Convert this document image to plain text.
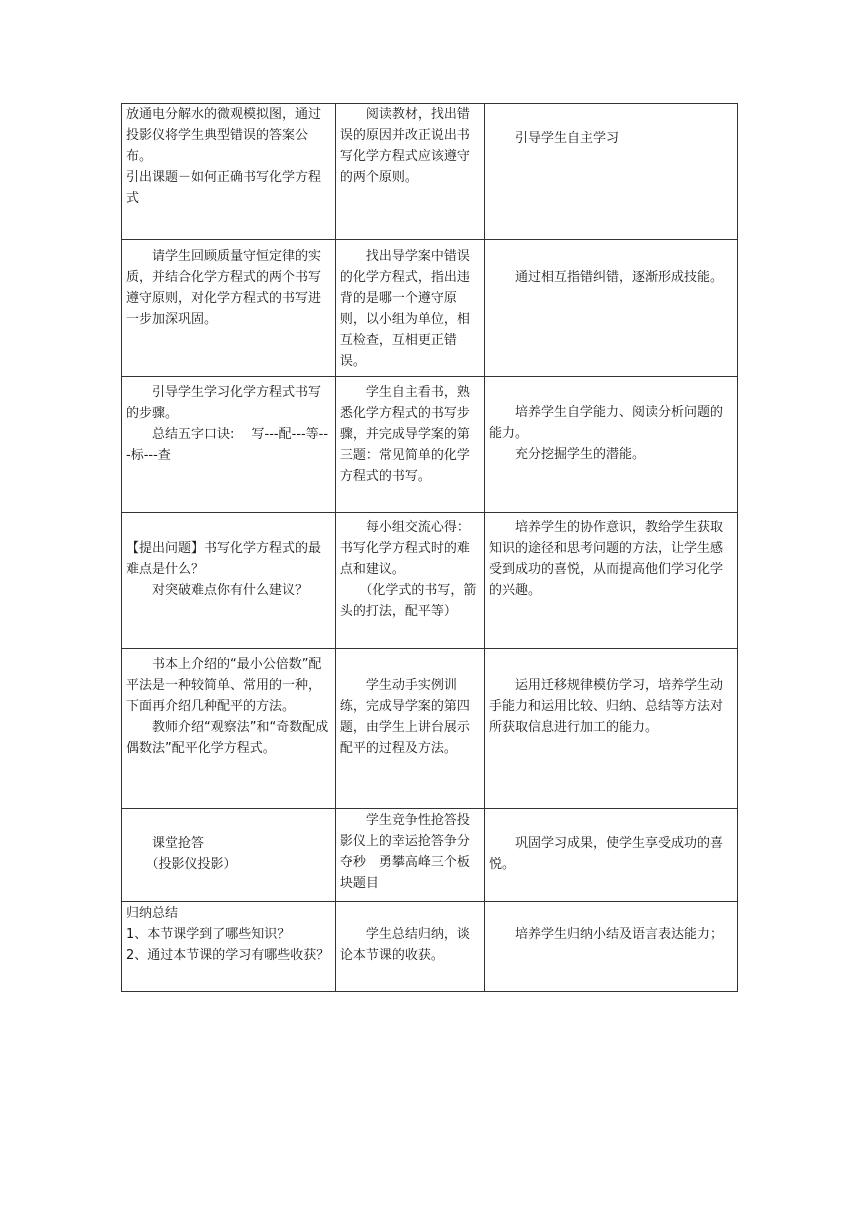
放通电分解水的微观模拟图，通过投影仪将学生典型错误的答案公布。
引出课题－如何正确书写化学方程式	　　阅读教材，找出错误的原因并改正说出书写化学方程式应该遵守的两个原则。	　　引导学生自主学习

　　请学生回顾质量守恒定律的实质，并结合化学方程式的两个书写遵守原则，对化学方程式的书写进一步加深巩固。	　　找出导学案中错误的化学方程式，指出违背的是哪一个遵守原则，以小组为单位，相互检查，互相更正错误。	　　通过相互指错纠错，逐渐形成技能。

　　引导学生学习化学方程式书写的步骤。
　　总结五字口诀:　 写---配---等---标---查	　　学生自主看书，熟悉化学方程式的书写步骤，并完成导学案的第三题：常见简单的化学方程式的书写。	　　培养学生自学能力、阅读分析问题的能力。
　　充分挖掘学生的潜能。

【提出问题】书写化学方程式的最难点是什么？
　　对突破难点你有什么建议？	　　每小组交流心得：书写化学方程式时的难点和建议。
　　（化学式的书写，箭头的打法，配平等）	　　培养学生的协作意识，教给学生获取知识的途径和思考问题的方法，让学生感受到成功的喜悦，从而提高他们学习化学的兴趣。

　　书本上介绍的“最小公倍数”配平法是一种较简单、常用的一种，下面再介绍几种配平的方法。
　　教师介绍“观察法”和“奇数配成偶数法”配平化学方程式。	　　学生动手实例训练，完成导学案的第四题，由学生上讲台展示配平的过程及方法。	　　运用迁移规律模仿学习，培养学生动手能力和运用比较、归纳、总结等方法对所获取信息进行加工的能力。

　　课堂抢答
　　（投影仪投影）	　　学生竞争性抢答投影仪上的幸运抢答争分夺秒　勇攀高峰三个板块题目	　　巩固学习成果，使学生享受成功的喜悦。

归纳总结
1、本节课学到了哪些知识？
2、通过本节课的学习有哪些收获？	　　学生总结归纳，谈论本节课的收获。	　　培养学生归纳小结及语言表达能力；
